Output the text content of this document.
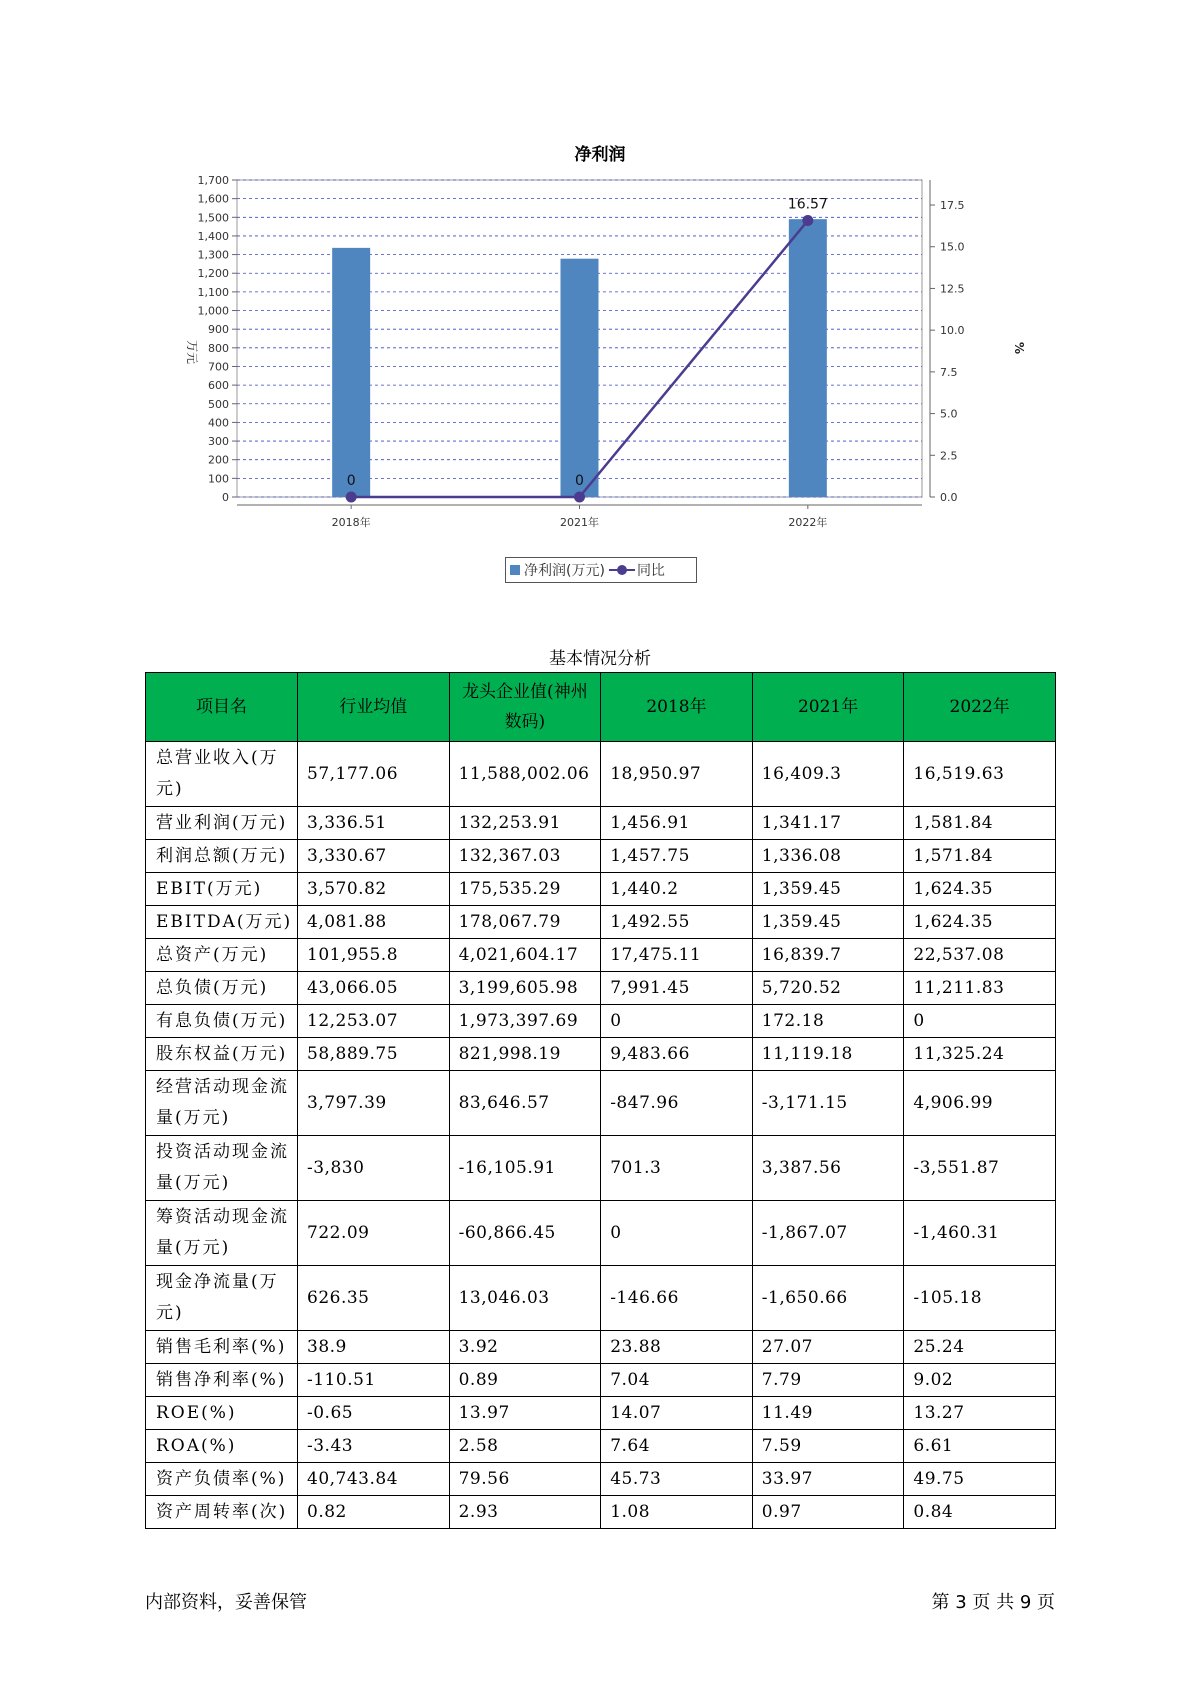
净利润
0	0
16.57
0
100
200
300
400
500
600
700
800
900
1,000
1,100
1,200
1,300
1,400
1,500
1,600
1,700
0.0
2.5
5.0
7.5
10.0
12.5
15.0
17.5
2018年	2021年	2022年
万元	%
净利润(万元) 同比
基本情况分析
项目名	行业均值	龙头企业值(神州数码)	2018年	2021年	2022年
总营业收入(万元)	57,177.06	11,588,002.06	18,950.97	16,409.3	16,519.63
营业利润(万元)	3,336.51	132,253.91	1,456.91	1,341.17	1,581.84
利润总额(万元)	3,330.67	132,367.03	1,457.75	1,336.08	1,571.84
EBIT(万元)	3,570.82	175,535.29	1,440.2	1,359.45	1,624.35
EBITDA(万元)	4,081.88	178,067.79	1,492.55	1,359.45	1,624.35
总资产(万元)	101,955.8	4,021,604.17	17,475.11	16,839.7	22,537.08
总负债(万元)	43,066.05	3,199,605.98	7,991.45	5,720.52	11,211.83
有息负债(万元)	12,253.07	1,973,397.69	0	172.18	0
股东权益(万元)	58,889.75	821,998.19	9,483.66	11,119.18	11,325.24
经营活动现金流量(万元)	3,797.39	83,646.57	-847.96	-3,171.15	4,906.99
投资活动现金流量(万元)	-3,830	-16,105.91	701.3	3,387.56	-3,551.87
筹资活动现金流量(万元)	722.09	-60,866.45	0	-1,867.07	-1,460.31
现金净流量(万元)	626.35	13,046.03	-146.66	-1,650.66	-105.18
销售毛利率(%)	38.9	3.92	23.88	27.07	25.24
销售净利率(%)	-110.51	0.89	7.04	7.79	9.02
ROE(%)	-0.65	13.97	14.07	11.49	13.27
ROA(%)	-3.43	2.58	7.64	7.59	6.61
资产负债率(%)	40,743.84	79.56	45.73	33.97	49.75
资产周转率(次)	0.82	2.93	1.08	0.97	0.84
内部资料，妥善保管	第 3 页 共 9 页
